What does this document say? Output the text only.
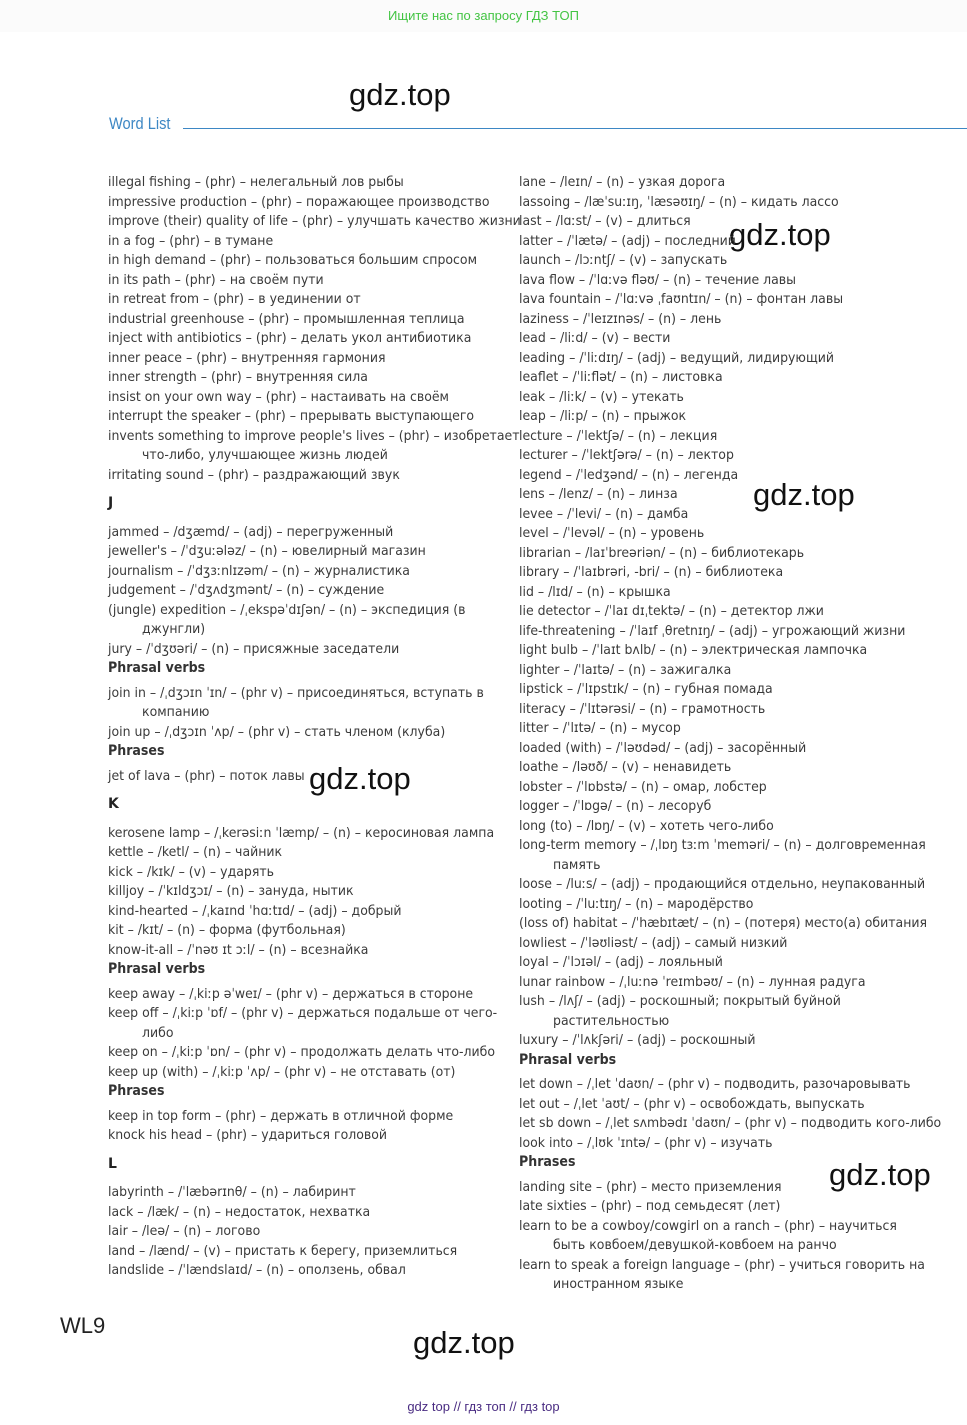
Ищите нас по запросу ГДЗ ТОП
gdz.top
gdz.top
gdz.top
gdz.top
gdz.top
gdz.top
Word List
illegal fishing – (phr) – нелегальный лов рыбы
impressive production – (phr) – поражающее производство
improve (their) quality of life – (phr) – улучшать качество жизни
in a fog – (phr) – в тумане
in high demand – (phr) – пользоваться большим спросом
in its path – (phr) – на своём пути
in retreat from – (phr) – в уединении от
industrial greenhouse – (phr) – промышленная теплица
inject with antibiotics – (phr) – делать укол антибиотика
inner peace – (phr) – внутренняя гармония
inner strength – (phr) – внутренняя сила
insist on your own way – (phr) – настаивать на своём
interrupt the speaker – (phr) – прерывать выступающего
invents something to improve people's lives – (phr) – изобретает
что-либо, улучшающее жизнь людей
irritating sound – (phr) – раздражающий звук
J
jammed – /dʒæmd/ – (adj) – перегруженный
jeweller's – /ˈdʒuːələz/ – (n) – ювелирный магазин
journalism – /ˈdʒɜːnlɪzəm/ – (n) – журналистика
judgement – /ˈdʒʌdʒmənt/ – (n) – суждение
(jungle) expedition – /ˌekspəˈdɪʃən/ – (n) – экспедиция (в
джунгли)
jury – /ˈdʒʊəri/ – (n) – присяжные заседатели
Phrasal verbs
join in – /ˌdʒɔɪn ˈɪn/ – (phr v) – присоединяться, вступать в
компанию
join up – /ˌdʒɔɪn ˈʌp/ – (phr v) – стать членом (клуба)
Phrases
jet of lava – (phr) – поток лавы
K
kerosene lamp – /ˌkerəsiːn ˈlæmp/ – (n) – керосиновая лампа
kettle – /ketl/ – (n) – чайник
kick – /kɪk/ – (v) – ударять
killjoy – /ˈkɪldʒɔɪ/ – (n) – зануда, нытик
kind-hearted – /ˌkaɪnd ˈhɑːtɪd/ – (adj) – добрый
kit – /kɪt/ – (n) – форма (футбольная)
know-it-all – /ˈnəʊ ɪt ɔːl/ – (n) – всезнайка
Phrasal verbs
keep away – /ˌkiːp əˈweɪ/ – (phr v) – держаться в стороне
keep off – /ˌkiːp ˈɒf/ – (phr v) – держаться подальше от чего-
либо
keep on – /ˌkiːp ˈɒn/ – (phr v) – продолжать делать что-либо
keep up (with) – /ˌkiːp ˈʌp/ – (phr v) – не отставать (от)
Phrases
keep in top form – (phr) – держать в отличной форме
knock his head – (phr) – удариться головой
L
labyrinth – /ˈlæbərɪnθ/ – (n) – лабиринт
lack – /læk/ – (n) – недостаток, нехватка
lair – /leə/ – (n) – логово
land – /lænd/ – (v) – пристать к берегу, приземлиться
landslide – /ˈlændslaɪd/ – (n) – оползень, обвал
lane – /leɪn/ – (n) – узкая дорога
lassoing – /læˈsuːɪŋ, ˈlæsəʊɪŋ/ – (n) – кидать лассо
last – /lɑːst/ – (v) – длиться
latter – /ˈlætə/ – (adj) – последний
launch – /lɔːntʃ/ – (v) – запускать
lava flow – /ˈlɑːvə fləʊ/ – (n) – течение лавы
lava fountain – /ˈlɑːvə ˌfaʊntɪn/ – (n) – фонтан лавы
laziness – /ˈleɪzɪnəs/ – (n) – лень
lead – /liːd/ – (v) – вести
leading – /ˈliːdɪŋ/ – (adj) – ведущий, лидирующий
leaflet – /ˈliːflət/ – (n) – листовка
leak – /liːk/ – (v) – утекать
leap – /liːp/ – (n) – прыжок
lecture – /ˈlektʃə/ – (n) – лекция
lecturer – /ˈlektʃərə/ – (n) – лектор
legend – /ˈledʒənd/ – (n) – легенда
lens – /lenz/ – (n) – линза
levee – /ˈlevi/ – (n) – дамба
level – /ˈlevəl/ – (n) – уровень
librarian – /laɪˈbreəriən/ – (n) – библиотекарь
library – /ˈlaɪbrəri, -bri/ – (n) – библиотека
lid – /lɪd/ – (n) – крышка
lie detector – /ˈlaɪ dɪˌtektə/ – (n) – детектор лжи
life-threatening – /ˈlaɪf ˌθretnɪŋ/ – (adj) – угрожающий жизни
light bulb – /ˈlaɪt bʌlb/ – (n) – электрическая лампочка
lighter – /ˈlaɪtə/ – (n) – зажигалка
lipstick – /ˈlɪpstɪk/ – (n) – губная помада
literacy – /ˈlɪtərəsi/ – (n) – грамотность
litter – /ˈlɪtə/ – (n) – мусор
loaded (with) – /ˈləʊdəd/ – (adj) – засорённый
loathe – /ləʊð/ – (v) – ненавидеть
lobster – /ˈlɒbstə/ – (n) – омар, лобстер
logger – /ˈlɒgə/ – (n) – лесоруб
long (to) – /lɒŋ/ – (v) – хотеть чего-либо
long-term memory – /ˌlɒŋ tɜːm ˈmeməri/ – (n) – долговременная
память
loose – /luːs/ – (adj) – продающийся отдельно, неупакованный
looting – /ˈluːtɪŋ/ – (n) – мародёрство
(loss of) habitat – /ˈhæbɪtæt/ – (n) – (потеря) место(а) обитания
lowliest – /ˈləʊliəst/ – (adj) – самый низкий
loyal – /ˈlɔɪəl/ – (adj) – лояльный
lunar rainbow – /ˌluːnə ˈreɪmbəʊ/ – (n) – лунная радуга
lush – /lʌʃ/ – (adj) – роскошный; покрытый буйной
растительностью
luxury – /ˈlʌkʃəri/ – (adj) – роскошный
Phrasal verbs
let down – /ˌlet ˈdaʊn/ – (phr v) – подводить, разочаровывать
let out – /ˌlet ˈaʊt/ – (phr v) – освобождать, выпускать
let sb down – /ˌlet sʌmbədɪ ˈdaʊn/ – (phr v) – подводить кого-либо
look into – /ˌlʊk ˈɪntə/ – (phr v) – изучать
Phrases
landing site – (phr) – место приземления
late sixties – (phr) – под семьдесят (лет)
learn to be a cowboy/cowgirl on a ranch – (phr) – научиться
быть ковбоем/девушкой-ковбоем на ранчо
learn to speak a foreign language – (phr) – учиться говорить на
иностранном языке
WL9
gdz top // гдз топ // гдз top
